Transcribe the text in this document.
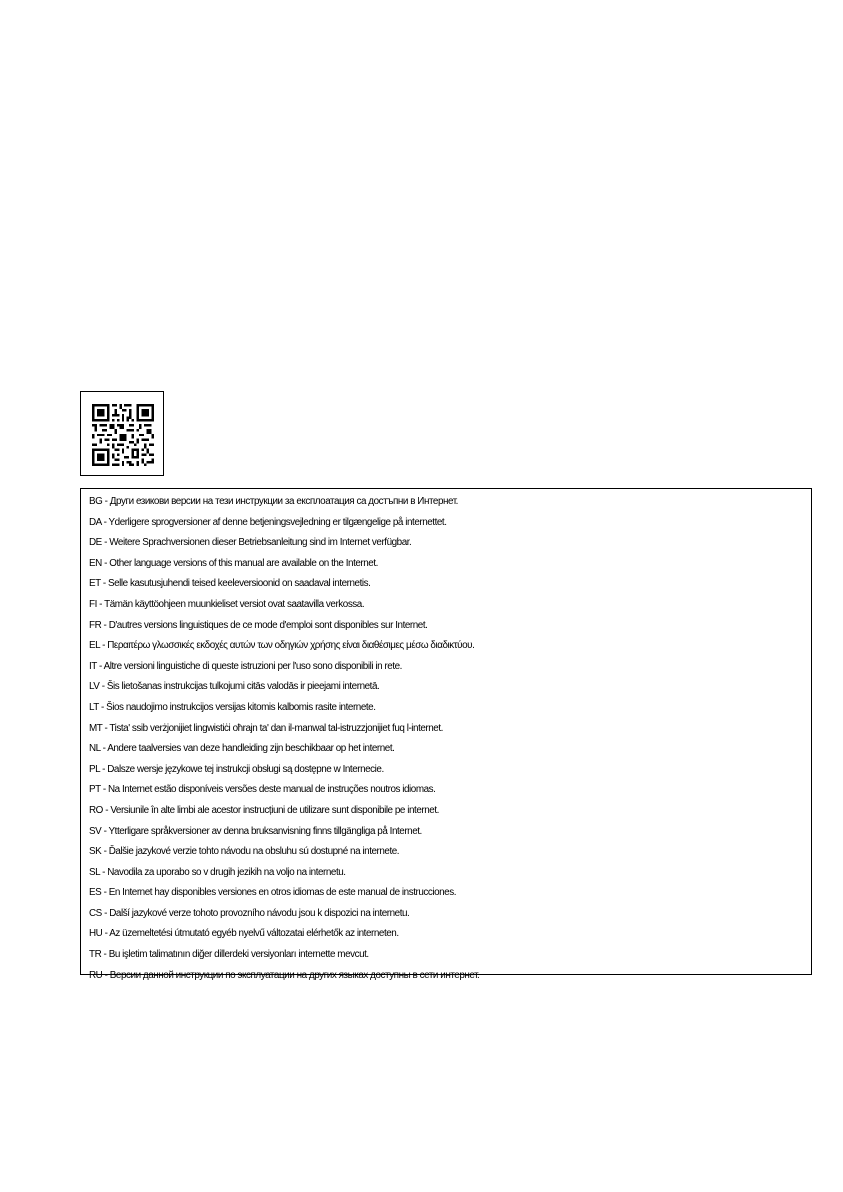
BG - Други езикови версии на тези инструкции за експлоатация са достъпни в Интернет.
DA - Yderligere sprogversioner af denne betjeningsvejledning er tilgængelige på internettet.
DE - Weitere Sprachversionen dieser Betriebsanleitung sind im Internet verfügbar.
EN - Other language versions of this manual are available on the Internet.
ET - Selle kasutusjuhendi teised keeleversioonid on saadaval internetis.
FI - Tämän käyttöohjeen muunkieliset versiot ovat saatavilla verkossa.
FR - D'autres versions linguistiques de ce mode d'emploi sont disponibles sur Internet.
EL - Περαιτέρω γλωσσικές εκδοχές αυτών των οδηγιών χρήσης είναι διαθέσιμες μέσω διαδικτύου.
IT - Altre versioni linguistiche di queste istruzioni per l'uso sono disponibili in rete.
LV - Šis lietošanas instrukcijas tulkojumi citās valodās ir pieejami internetā.
LT - Šios naudojimo instrukcijos versijas kitomis kalbomis rasite internete.
MT - Tista' ssib verżjonijiet lingwistiċi oħrajn ta' dan il-manwal tal-istruzzjonijiet fuq l-internet.
NL - Andere taalversies van deze handleiding zijn beschikbaar op het internet.
PL - Dalsze wersje językowe tej instrukcji obsługi są dostępne w Internecie.
PT - Na Internet estão disponíveis versões deste manual de instruções noutros idiomas.
RO - Versiunile în alte limbi ale acestor instrucțiuni de utilizare sunt disponibile pe internet.
SV - Ytterligare språkversioner av denna bruksanvisning finns tillgängliga på Internet.
SK - Ďalšie jazykové verzie tohto návodu na obsluhu sú dostupné na internete.
SL - Navodila za uporabo so v drugih jezikih na voljo na internetu.
ES - En Internet hay disponibles versiones en otros idiomas de este manual de instrucciones.
CS - Další jazykové verze tohoto provozního návodu jsou k dispozici na internetu.
HU - Az üzemeltetési útmutató egyéb nyelvű változatai elérhetők az interneten.
TR - Bu işletim talimatının diğer dillerdeki versiyonları internette mevcut.
RU - Версии данной инструкции по эксплуатации на других языках доступны в сети интернет.
